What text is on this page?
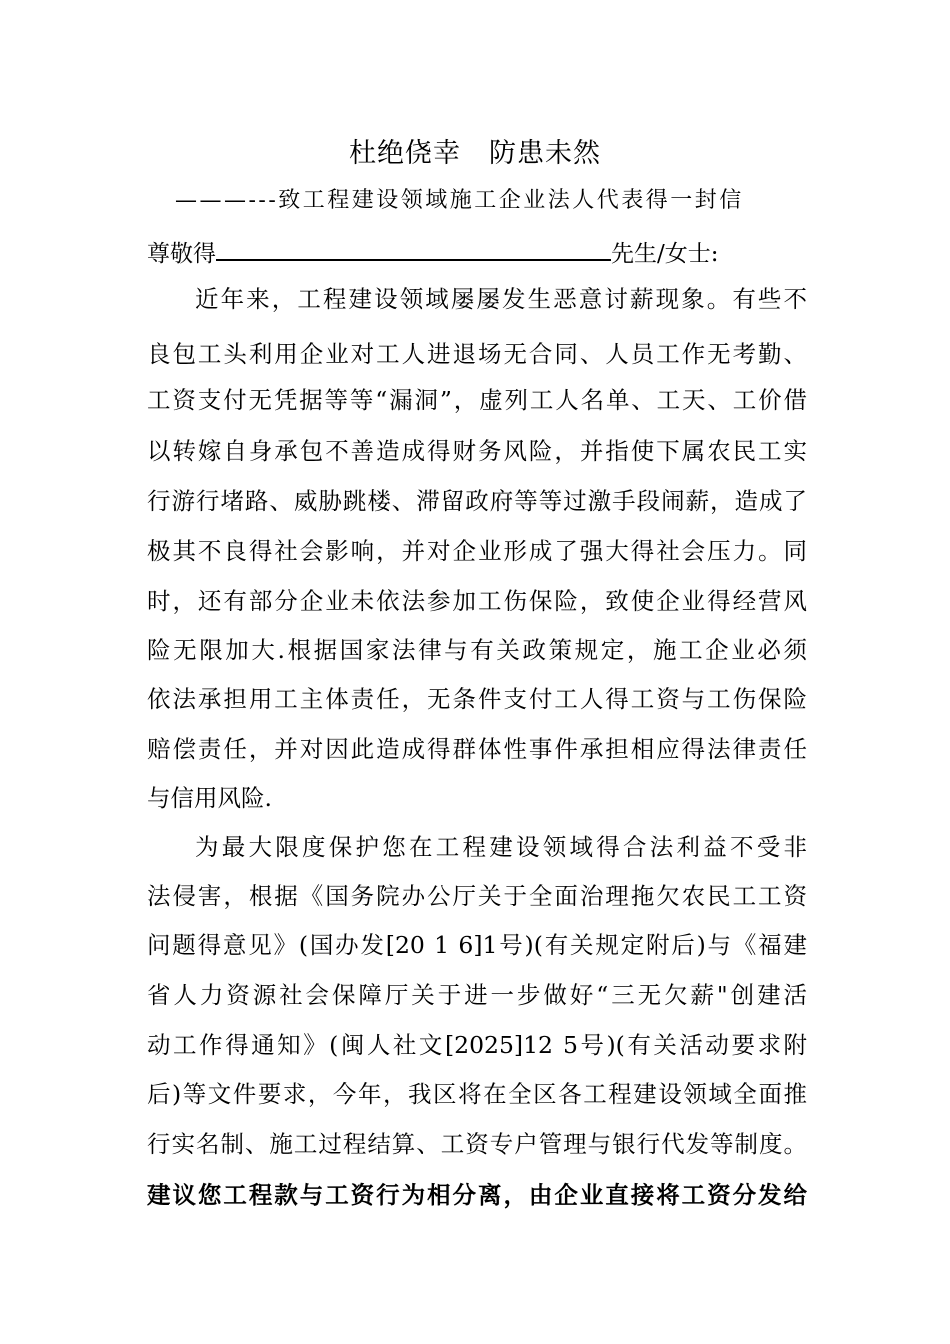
杜绝侥幸　防患未然
———---致工程建设领域施工企业法人代表得一封信
尊敬得	先生/女士:
近年来，工程建设领域屡屡发生恶意讨薪现象。有些不
良包工头利用企业对工人进退场无合同、人员工作无考勤、
工资支付无凭据等等“漏洞”，虚列工人名单、工天、工价借
以转嫁自身承包不善造成得财务风险，并指使下属农民工实
行游行堵路、威胁跳楼、滞留政府等等过激手段闹薪，造成了
极其不良得社会影响，并对企业形成了强大得社会压力。同
时，还有部分企业未依法参加工伤保险，致使企业得经营风
险无限加大.根据国家法律与有关政策规定，施工企业必须
依法承担用工主体责任，无条件支付工人得工资与工伤保险
赔偿责任，并对因此造成得群体性事件承担相应得法律责任
与信用风险.
为最大限度保护您在工程建设领域得合法利益不受非
法侵害，根据《国务院办公厅关于全面治理拖欠农民工工资
问题得意见》(国办发[20 1 6]1号)(有关规定附后)与《福建
省人力资源社会保障厅关于进一步做好“三无欠薪"创建活
动工作得通知》(闽人社文[2025]12 5号)(有关活动要求附
后)等文件要求，今年，我区将在全区各工程建设领域全面推
行实名制、施工过程结算、工资专户管理与银行代发等制度。
建议您工程款与工资行为相分离，由企业直接将工资分发给
